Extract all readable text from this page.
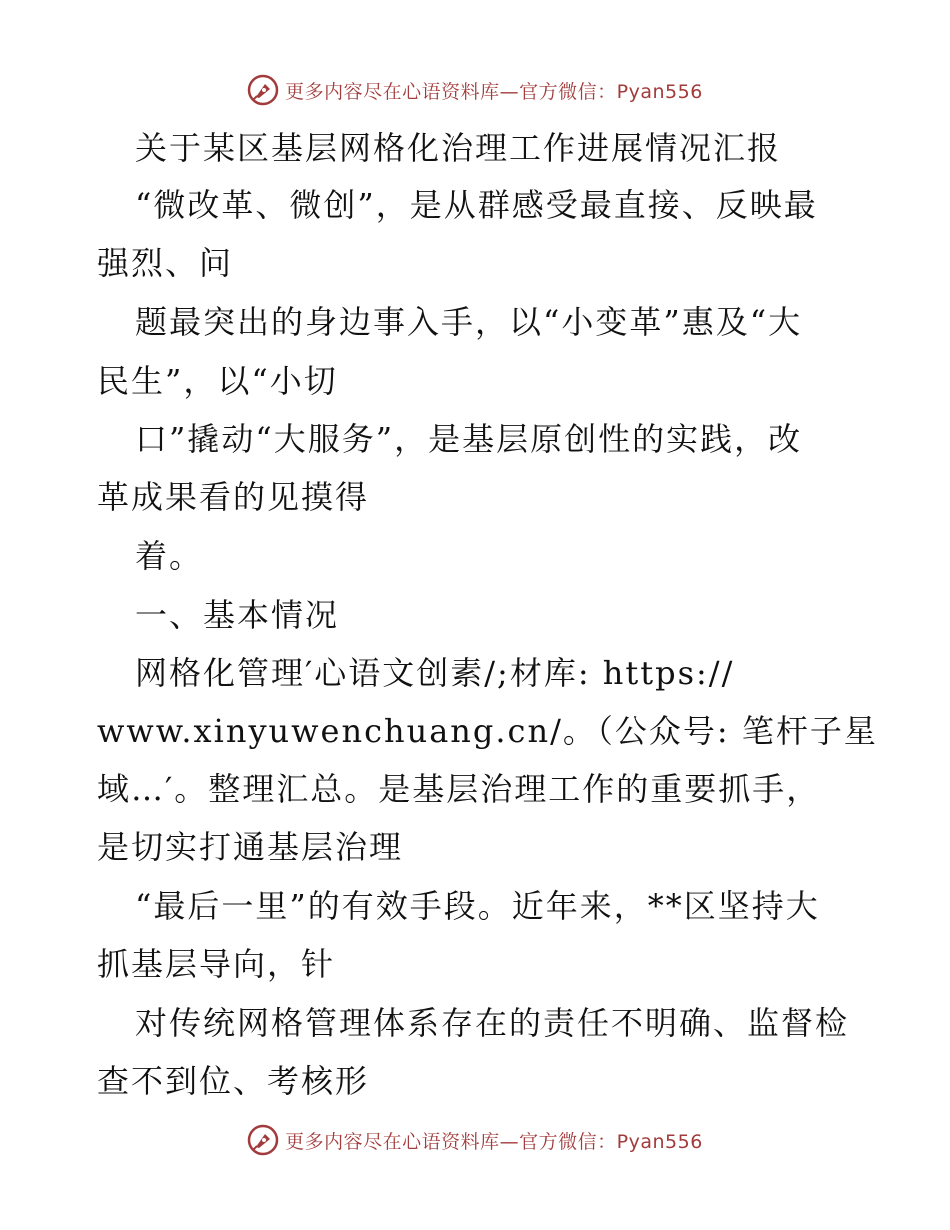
更多内容尽在心语资料库—官方微信：Pyan556
关于某区基层网格化治理工作进展情况汇报
“微改革、微创”，是从群感受最直接、反映最
强烈、问
题最突出的身边事入手，以“小变革”惠及“大
民生”，以“小切
口”撬动“大服务”，是基层原创性的实践，改
革成果看的见摸得
着。
一、基本情况
网格化管理′心语文创素/;材库: https://
www.xinyuwenchuang.cn/。（公众号: 笔杆子星
域…′。整理汇总。是基层治理工作的重要抓手，
是切实打通基层治理
“最后一里”的有效手段。近年来，**区坚持大
抓基层导向，针
对传统网格管理体系存在的责任不明确、监督检
查不到位、考核形
更多内容尽在心语资料库—官方微信：Pyan556
